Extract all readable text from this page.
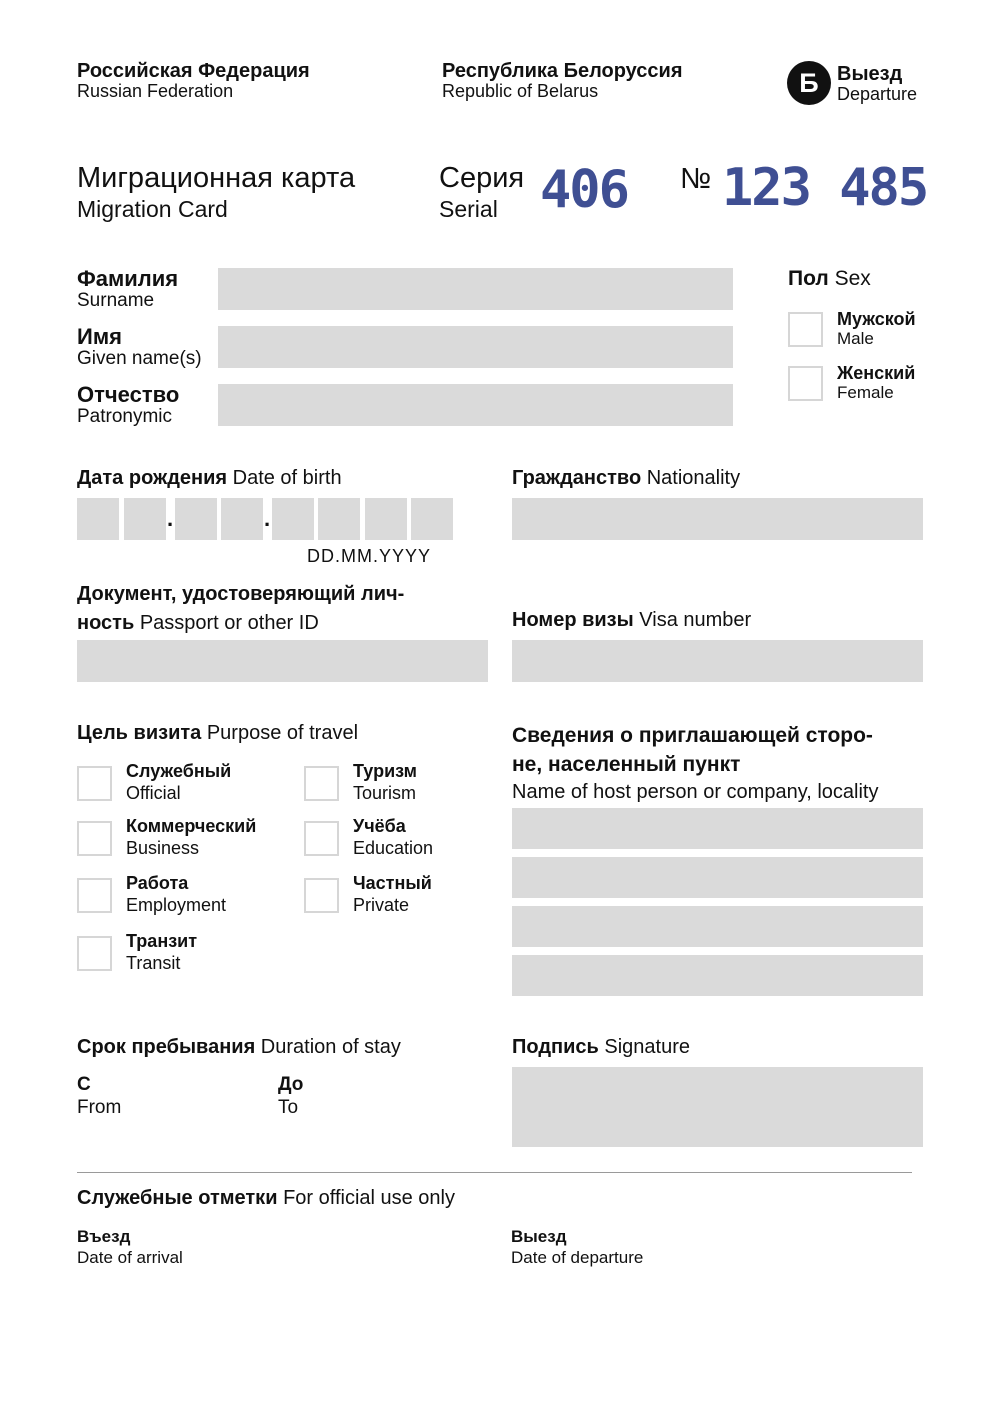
Российская Федерация
Russian Federation
Республика Белоруссия
Republic of Belarus	Б Выезд
Departure
Миграционная карта
Migration Card
Серия
Serial 406 № 123 485
Фамилия
Surname
Имя
Given name(s)
Отчество
Patronymic
Пол Sex
Мужской
Male
Женский
Female
Дата рождения Date of birth
.	.
DD.MM.YYYY
Гражданство Nationality
Документ, удостоверяющий лич-
ность Passport or other ID	Номер визы Visa number
Цель визита Purpose of travel
Служебный
Official
Туризм
Tourism
Коммерческий
Business
Учёба
Education
Работа
Employment
Частный
Private
Транзит
Transit
Сведения о приглашающей сторо-
не, населенный пункт
Name of host person or company, locality
Срок пребывания Duration of stay
С
From
До
To
Подпись Signature
Служебные отметки For official use only
Въезд
Date of arrival
Выезд
Date of departure
